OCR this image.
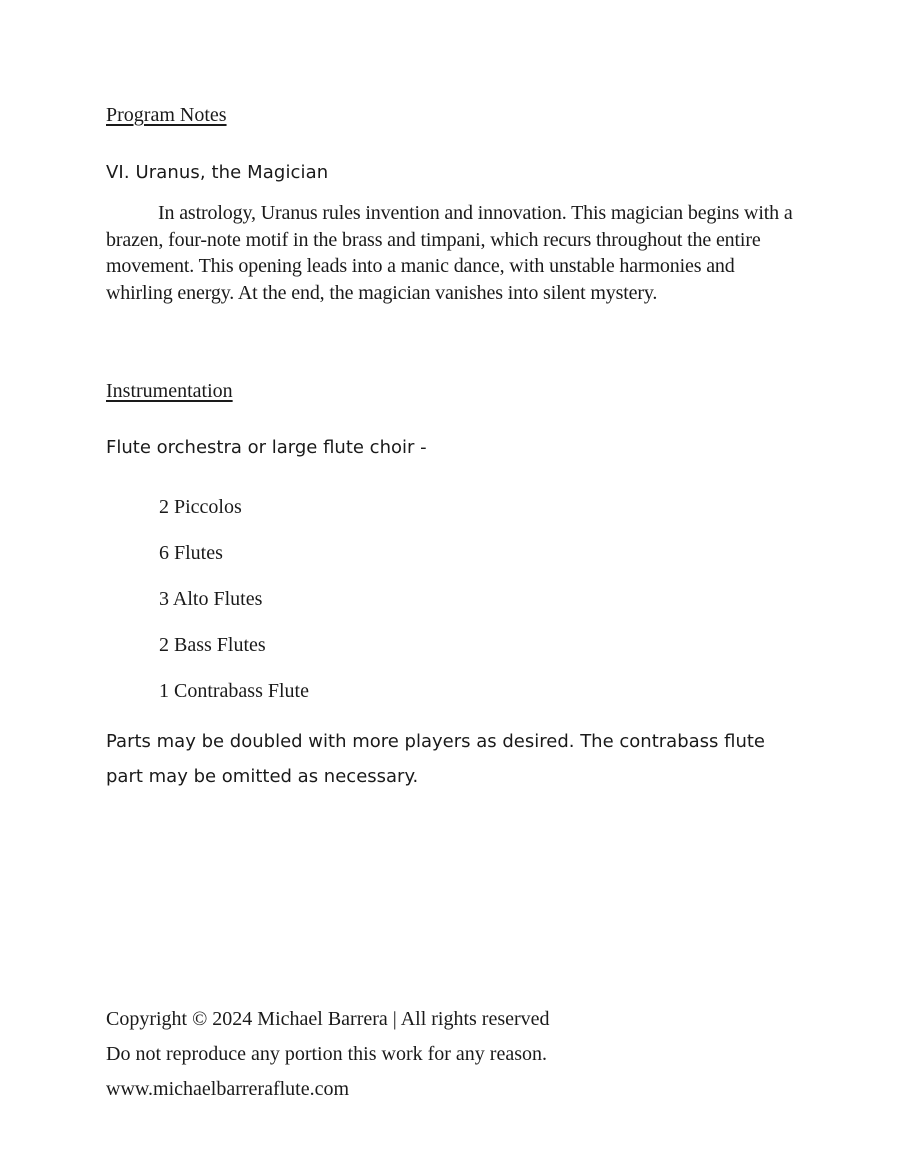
Program Notes

VI. Uranus, the Magician

In astrology, Uranus rules invention and innovation. This magician begins with a brazen, four-note motif in the brass and timpani, which recurs throughout the entire movement. This opening leads into a manic dance, with unstable harmonies and whirling energy. At the end, the magician vanishes into silent mystery.

Instrumentation

Flute orchestra or large flute choir -

2 Piccolos
6 Flutes
3 Alto Flutes
2 Bass Flutes
1 Contrabass Flute

Parts may be doubled with more players as desired. The contrabass flute part may be omitted as necessary.

Copyright © 2024 Michael Barrera | All rights reserved
Do not reproduce any portion this work for any reason.
www.michaelbarreraflute.com
